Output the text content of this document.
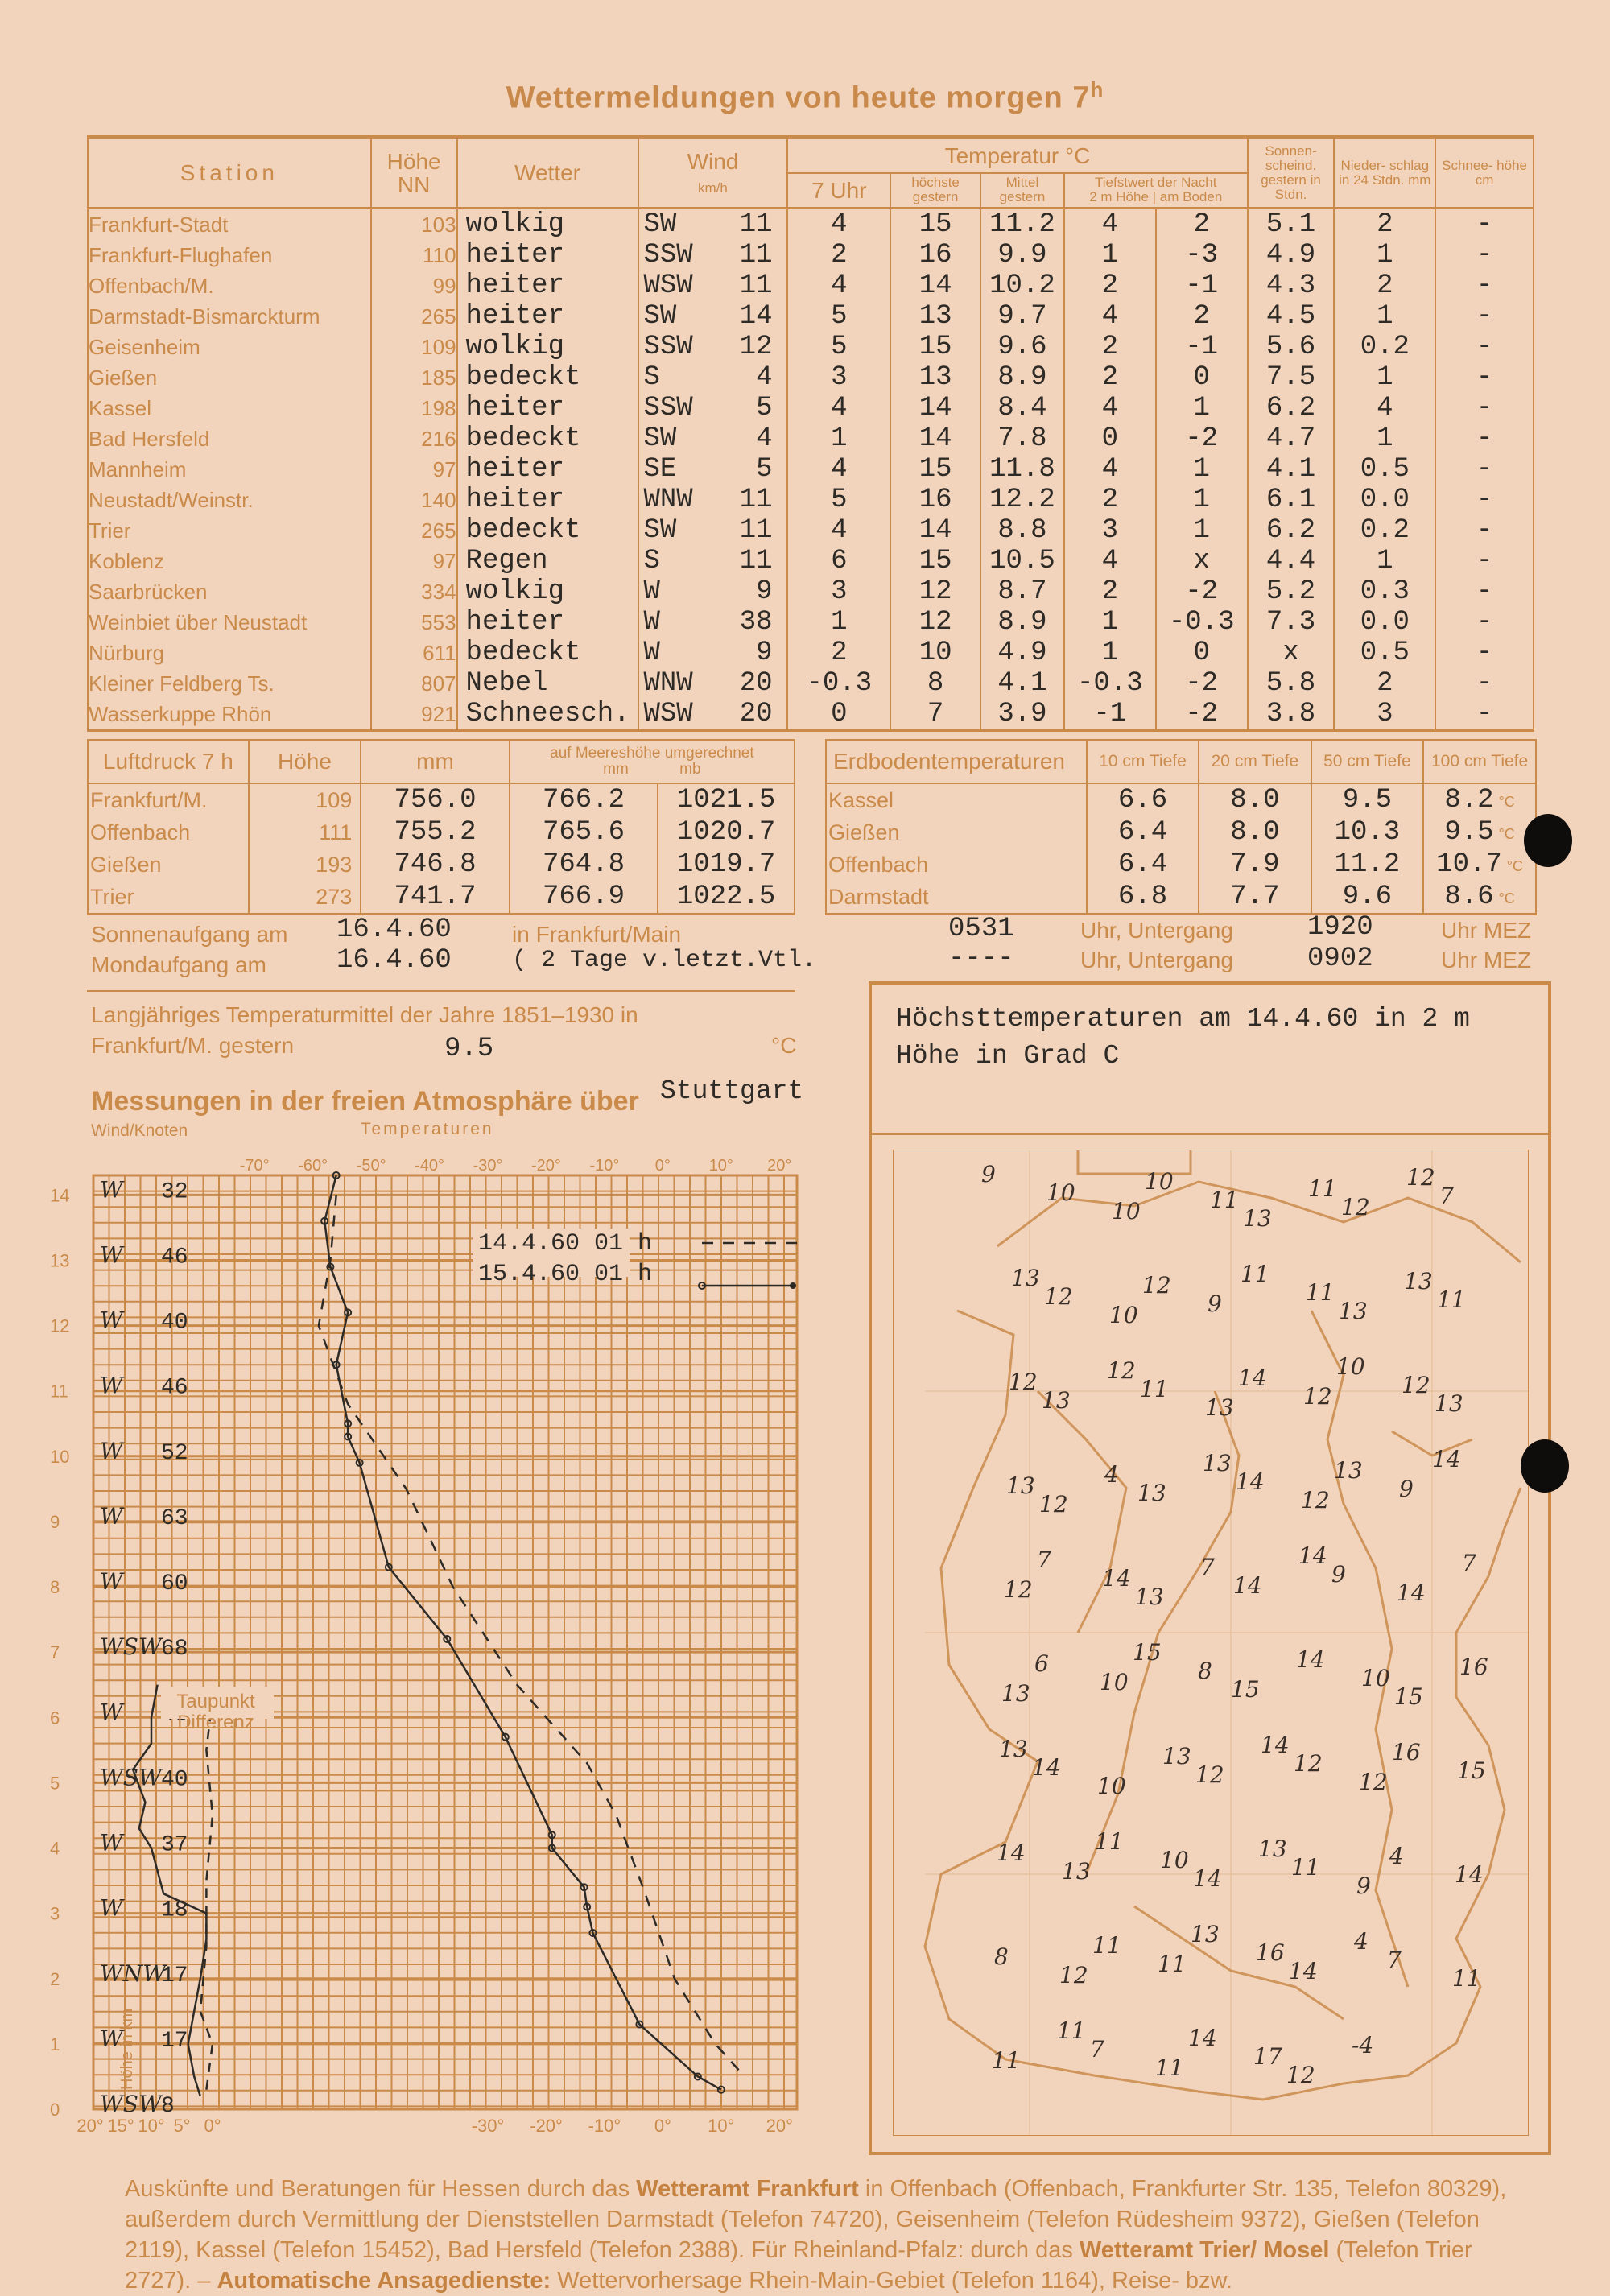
Wettermeldungen von heute morgen 7$^h$
Station	Höhe NN	Wetter	Wind
km/h	Temperatur °C					Sonnen- scheind. gestern in Stdn.	Nieder- schlag in 24 Stdn. mm	Schnee- höhe cm
				7 Uhr	höchste gestern	Mittel gestern	Tiefstwert der Nacht
2 m Höhe | am Boden				
Frankfurt-Stadt	103	wolkig	SW 11	4	15	11.2	4	2	5.1	2	-
Frankfurt-Flughafen	110	heiter	SSW 11	2	16	9.9	1	-3	4.9	1	-
Offenbach/M.	99	heiter	WSW 11	4	14	10.2	2	-1	4.3	2	-
Darmstadt-Bismarckturm	265	heiter	SW 14	5	13	9.7	4	2	4.5	1	-
Geisenheim	109	wolkig	SSW 12	5	15	9.6	2	-1	5.6	0.2	-
Gießen	185	bedeckt	S 4	3	13	8.9	2	0	7.5	1	-
Kassel	198	heiter	SSW 5	4	14	8.4	4	1	6.2	4	-
Bad Hersfeld	216	bedeckt	SW 4	1	14	7.8	0	-2	4.7	1	-
Mannheim	97	heiter	SE 5	4	15	11.8	4	1	4.1	0.5	-
Neustadt/Weinstr.	140	heiter	WNW 11	5	16	12.2	2	1	6.1	0.0	-
Trier	265	bedeckt	SW 11	4	14	8.8	3	1	6.2	0.2	-
Koblenz	97	Regen	S 11	6	15	10.5	4	x	4.4	1	-
Saarbrücken	334	wolkig	W 9	3	12	8.7	2	-2	5.2	0.3	-
Weinbiet über Neustadt	553	heiter	W 38	1	12	8.9	1	-0.3	7.3	0.0	-
Nürburg	611	bedeckt	W 9	2	10	4.9	1	0	x	0.5	-
Kleiner Feldberg Ts.	807	Nebel	WNW 20	-0.3	8	4.1	-0.3	-2	5.8	2	-
Wasserkuppe Rhön	921	Schneesch.	WSW 20	0	7	3.9	-1	-2	3.8	3	-
Luftdruck 7 h	Höhe	mm	auf Meereshöhe umgerechnet
mm mb	
Frankfurt/M.	109	756.0	766.2	1021.5
Offenbach	111	755.2	765.6	1020.7
Gießen	193	746.8	764.8	1019.7
Trier	273	741.7	766.9	1022.5
Erdbodentemperaturen	10 cm Tiefe	20 cm Tiefe	50 cm Tiefe	100 cm Tiefe
Kassel	6.6	8.0	9.5	8.2 °C
Gießen	6.4	8.0	10.3	9.5 °C
Offenbach	6.4	7.9	11.2	10.7 °C
Darmstadt	6.8	7.7	9.6	8.6 °C
Sonnenaufgang am 16.4.60	in Frankfurt/Main	0531	Uhr, Untergang	1920	Uhr MEZ
Mondaufgang am	16.4.60	( 2 Tage v.letzt.Vtl.	----	Uhr, Untergang	0902	Uhr MEZ
Langjähriges Temperaturmittel der Jahre 1851–1930 in
Frankfurt/M. gestern	9.5	°C
Messungen in der freien Atmosphäre über Stuttgart
Wind/Knoten	Temperaturen
0
1
2
3
4
5
6
7
8
9
10
11
12
13
14
-70° -60° -50° -40° -30° -20° -10° 0° 10° 20°
-30° -20° -10° 0° 10° 20°
20° 15° 10° 5° 0°
WSW 8
W 17
WNW
17
W 18
W 37
WSW 40
W
WSW 68
W 60
W 63
W 52
W 46
W 40
W 46
W 32
14.4.60 01 h
15.4.60 01 h
Taupunkt
Differenz
Höhe in km
Höchsttemperaturen am 14.4.60 in 2 m Höhe in Grad C
9
10
10
10
11
13
11
12
12
7
13
12
10
12
9
11
11
13
13
11
12
13
12
11
13
14
12
10
12
13
13
12
4
13
13
14
12
13
9
14
12
7
14
13
7
14
14
9
14
7
13
6
10
15
8
15
14
10
15
16
13
14
10
13
12
14
12
12
16
15
14
13
11
10
14
13
11
9
4
14
8
12
11
11
13
16
14
4
7
11
11
11
7
11
14
17
12
-4
Auskünfte und Beratungen für Hessen durch das Wetteramt Frankfurt in Offenbach (Offenbach, Frankfurter Str. 135, Telefon 80329), außerdem durch Vermittlung der Dienststellen Darmstadt (Telefon 74720), Geisenheim (Telefon Rüdesheim 9372), Gießen (Telefon 2119), Kassel (Telefon 15452), Bad Hersfeld (Telefon 2388). Für Rheinland-Pfalz: durch das Wetteramt Trier/ Mosel (Telefon Trier 2727). – Automatische Ansagedienste: Wettervorhersage Rhein-Main-Gebiet (Telefon 1164), Reise- bzw.
